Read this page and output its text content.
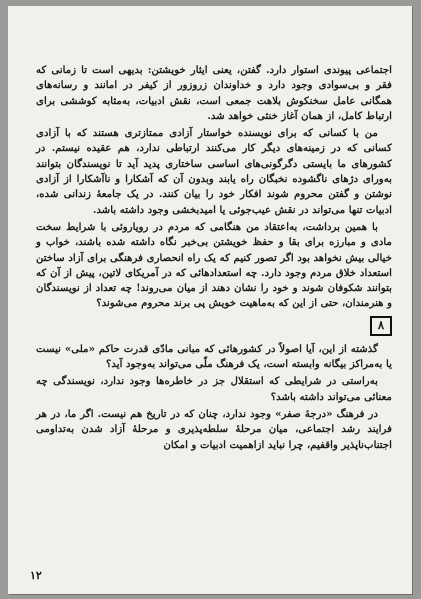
اجتماعی پیوندی استوار دارد. گفتن، یعنی ایثار خویشتن: بدیهی است تا زمانی که فقر و بی‌سوادی وجود دارد و خداوندان زرو‌زور از کیفر در امانند و رسانه‌های همگانی عامل سخنکوش بلاهت جمعی است، نقش ادبیات، به‌مثابه کوششی برای ارتباط کامل، از همان آغاز خنثی خواهد شد.

من با کسانی که برای نویسنده خواستار آزادی ممتازتری هستند که با آزادی کسانی که در زمینه‌های دیگر کار می‌کنند ارتباطی ندارد، هم عقیده نیستم. در کشورهای ما بایستی دگرگونی‌های اساسی ساختاری پدید آید تا نویسندگان بتوانند به‌ورای دژهای ناگشوده‌ نخبگان راه یابند وبدون آن که آشکارا و ناآشکارا از آزادی نوشتن و گفتن محروم شوند افکار خود را بیان کنند. در یک جامعهٔ زندانی شده، ادبیات تنها می‌تواند در نقش عیب‌جوئی یا امیدبخشی وجود داشته باشد.

با همین برداشت، به‌اعتقاد من هنگامی که مردم در رویاروئی با شرایط سخت مادی و مبارزه برای بقا و حفظ خویشتن بی‌خبر نگاه داشته شده باشند، خواب و خیالی بیش نخواهد بود اگر تصور کنیم که یک راه انحصاری فرهنگی برای آزاد ساختن استعداد خلاق مردم وجود دارد. چه استعدادهائی که در آمریکای لاتین، پیش از آن که بتوانند شکوفان شوند و خود را نشان دهند از میان می‌روند! چه تعداد از نویسندگان و هنرمندان، حتی از این که به‌ماهیت خویش پی برند محروم می‌شوند؟

۸

گذشته از این، آیا اصولاً در کشورهائی که مبانی مادّی قدرت حاکم «ملی» نیست یا به‌مراکز بیگانه وابسته است، یک فرهنگ ملّی می‌تواند به‌وجود آید؟

به‌راستی در شرایطی که استقلال جز در خاطره‌ها وجود ندارد، نویسندگی چه معنائی می‌تواند داشته باشد؟

در فرهنگ «درجهٔ صفر» وجود ندارد، چنان که در تاریخ هم نیست. اگر ما، در هر فرایند رشد اجتماعی، میان مرحلهٔ سلطه‌پذیری و مرحلهٔ آزاد شدن به‌تداومی اجتناب‌ناپذیر واقفیم، چرا نباید ازاهمیت ادبیات و امکان

۱۲
